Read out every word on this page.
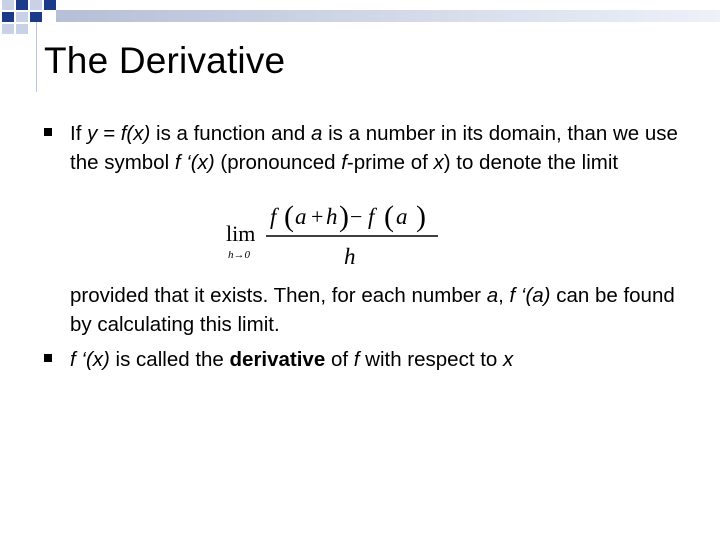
The Derivative

If y = f(x) is a function and a is a number in its domain, than we use the symbol f ‘(x) (pronounced f-prime of x) to denote the limit

lim
h→0
f ( a + h ) − f ( a )
h

provided that it exists. Then, for each number a, f ‘(a) can be found by calculating this limit.

f ‘(x) is called the derivative of f with respect to x
